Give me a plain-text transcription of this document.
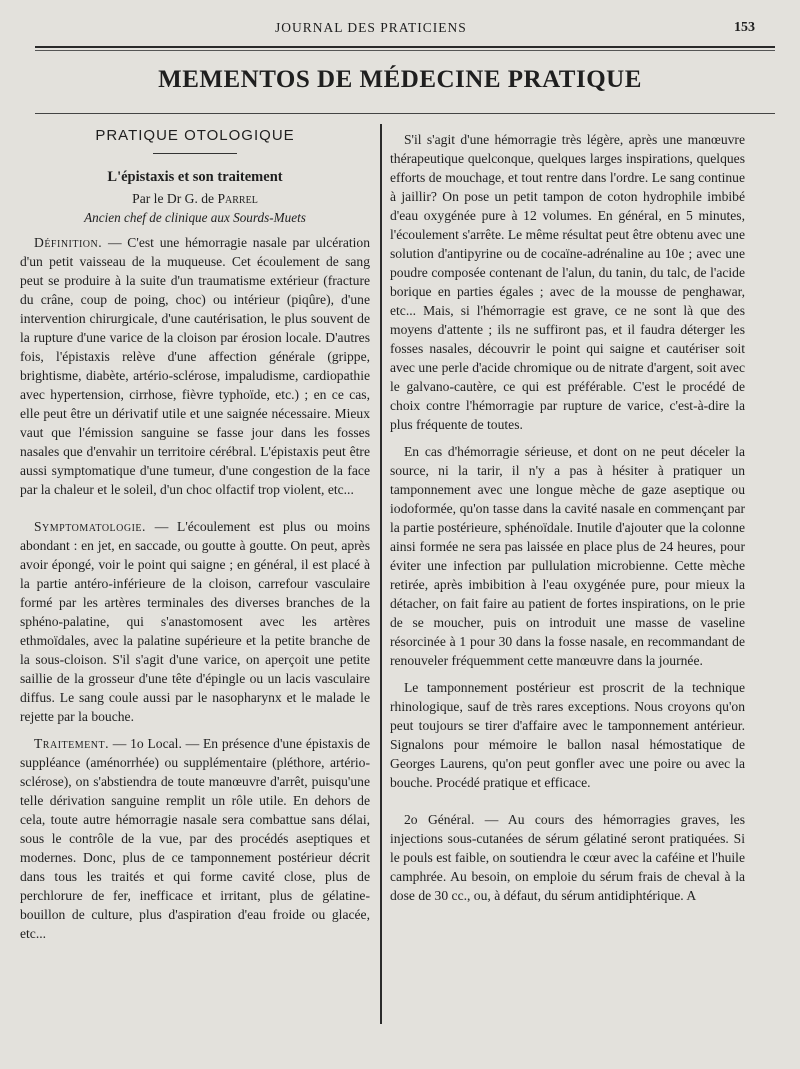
JOURNAL DES PRATICIENS	153
MEMENTOS DE MÉDECINE PRATIQUE
PRATIQUE OTOLOGIQUE
L'épistaxis et son traitement
Par le Dr G. de Parrel
Ancien chef de clinique aux Sourds-Muets

Définition. — C'est une hémorragie nasale par ulcération d'un petit vaisseau de la muqueuse. Cet écoulement de sang peut se produire à la suite d'un traumatisme extérieur (fracture du crâne, coup de poing, choc) ou intérieur (piqûre), d'une intervention chirurgicale, d'une cautérisation, le plus souvent de la rupture d'une varice de la cloison par érosion locale. D'autres fois, l'épistaxis relève d'une affection générale (grippe, brightisme, diabète, artério-sclérose, impaludisme, cardiopathie avec hypertension, cirrhose, fièvre typhoïde, etc.) ; en ce cas, elle peut être un dérivatif utile et une saignée nécessaire. Mieux vaut que l'émission sanguine se fasse jour dans les fosses nasales que d'envahir un territoire cérébral. L'épistaxis peut être aussi symptomatique d'une tumeur, d'une congestion de la face par la chaleur et le soleil, d'un choc olfactif trop violent, etc...

Symptomatologie. — L'écoulement est plus ou moins abondant : en jet, en saccade, ou goutte à goutte. On peut, après avoir épongé, voir le point qui saigne ; en général, il est placé à la partie antéro-inférieure de la cloison, carrefour vasculaire formé par les artères terminales des diverses branches de la sphéno-palatine, qui s'anastomosent avec les artères ethmoïdales, avec la palatine supérieure et la petite branche de la sous-cloison. S'il s'agit d'une varice, on aperçoit une petite saillie de la grosseur d'une tête d'épingle ou un lacis vasculaire diffus. Le sang coule aussi par le nasopharynx et le malade le rejette par la bouche.

Traitement. — 1o Local. — En présence d'une épistaxis de suppléance (aménorrhée) ou supplémentaire (pléthore, artério-sclérose), on s'abstiendra de toute manœuvre d'arrêt, puisqu'une telle dérivation sanguine remplit un rôle utile. En dehors de cela, toute autre hémorragie nasale sera combattue sans délai, sous le contrôle de la vue, par des procédés aseptiques et modernes. Donc, plus de ce tamponnement postérieur décrit dans tous les traités et qui forme cavité close, plus de perchlorure de fer, inefficace et irritant, plus de gélatine-bouillon de culture, plus d'aspiration d'eau froide ou glacée, etc...

S'il s'agit d'une hémorragie très légère, après une manœuvre thérapeutique quelconque, quelques larges inspirations, quelques efforts de mouchage, et tout rentre dans l'ordre. Le sang continue à jaillir? On pose un petit tampon de coton hydrophile imbibé d'eau oxygénée pure à 12 volumes. En général, en 5 minutes, l'écoulement s'arrête. Le même résultat peut être obtenu avec une solution d'antipyrine ou de cocaïne-adrénaline au 10e ; avec une poudre composée contenant de l'alun, du tanin, du talc, de l'acide borique en parties égales ; avec de la mousse de penghawar, etc... Mais, si l'hémorragie est grave, ce ne sont là que des moyens d'attente ; ils ne suffiront pas, et il faudra déterger les fosses nasales, découvrir le point qui saigne et cautériser soit avec une perle d'acide chromique ou de nitrate d'argent, soit avec le galvano-cautère, ce qui est préférable. C'est le procédé de choix contre l'hémorragie par rupture de varice, c'est-à-dire la plus fréquente de toutes.

En cas d'hémorragie sérieuse, et dont on ne peut déceler la source, ni la tarir, il n'y a pas à hésiter à pratiquer un tamponnement avec une longue mèche de gaze aseptique ou iodoformée, qu'on tasse dans la cavité nasale en commençant par la partie postérieure, sphénoïdale. Inutile d'ajouter que la colonne ainsi formée ne sera pas laissée en place plus de 24 heures, pour éviter une infection par pullulation microbienne. Cette mèche retirée, après imbibition à l'eau oxygénée pure, pour mieux la détacher, on fait faire au patient de fortes inspirations, on le prie de se moucher, puis on introduit une masse de vaseline résorcinée à 1 pour 30 dans la fosse nasale, en recommandant de renouveler fréquemment cette manœuvre dans la journée.

Le tamponnement postérieur est proscrit de la technique rhinologique, sauf de très rares exceptions. Nous croyons qu'on peut toujours se tirer d'affaire avec le tamponnement antérieur. Signalons pour mémoire le ballon nasal hémostatique de Georges Laurens, qu'on peut gonfler avec une poire ou avec la bouche. Procédé pratique et efficace.

2o Général. — Au cours des hémorragies graves, les injections sous-cutanées de sérum gélatiné seront pratiquées. Si le pouls est faible, on soutiendra le cœur avec la caféine et l'huile camphrée. Au besoin, on emploie du sérum frais de cheval à la dose de 30 cc., ou, à défaut, du sérum antidiphtérique. A
